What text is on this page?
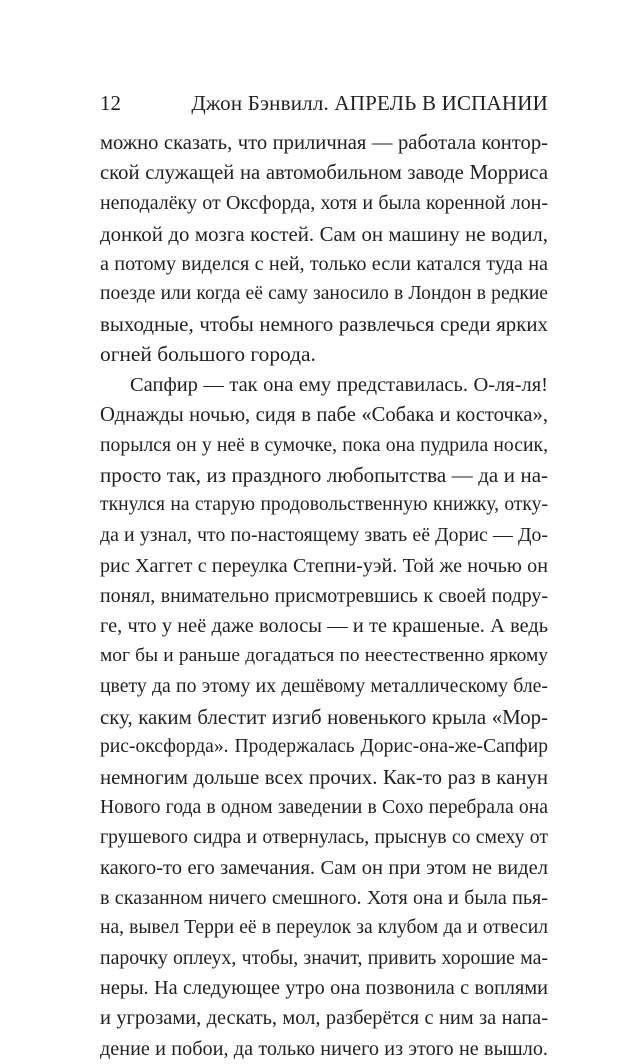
12	Джон Бэнвилл. АПРЕЛЬ В ИСПАНИИ
можно сказать, что приличная — работала контор-
ской служащей на автомобильном заводе Морриса
неподалёку от Оксфорда, хотя и была коренной лон-
донкой до мозга костей. Сам он машину не водил,
а потому виделся с ней, только если катался туда на
поезде или когда её саму заносило в Лондон в редкие
выходные, чтобы немного развлечься среди ярких
огней большого города.
Сапфир — так она ему представилась. О-ля-ля!
Однажды ночью, сидя в пабе «Собака и косточка»,
порылся он у неё в сумочке, пока она пудрила носик,
просто так, из праздного любопытства — да и на-
ткнулся на старую продовольственную книжку, отку-
да и узнал, что по-настоящему звать её Дорис — До-
рис Хаггет с переулка Степни-уэй. Той же ночью он
понял, внимательно присмотревшись к своей подру-
ге, что у неё даже волосы — и те крашеные. А ведь
мог бы и раньше догадаться по неестественно яркому
цвету да по этому их дешёвому металлическому бле-
ску, каким блестит изгиб новенького крыла «Мор-
рис-оксфорда». Продержалась Дорис-она-же-Сапфир
немногим дольше всех прочих. Как-то раз в канун
Нового года в одном заведении в Сохо перебрала она
грушевого сидра и отвернулась, прыснув со смеху от
какого-то его замечания. Сам он при этом не видел
в сказанном ничего смешного. Хотя она и была пья-
на, вывел Терри её в переулок за клубом да и отвесил
парочку оплеух, чтобы, значит, привить хорошие ма-
неры. На следующее утро она позвонила с воплями
и угрозами, дескать, мол, разберётся с ним за напа-
дение и побои, да только ничего из этого не вышло.
